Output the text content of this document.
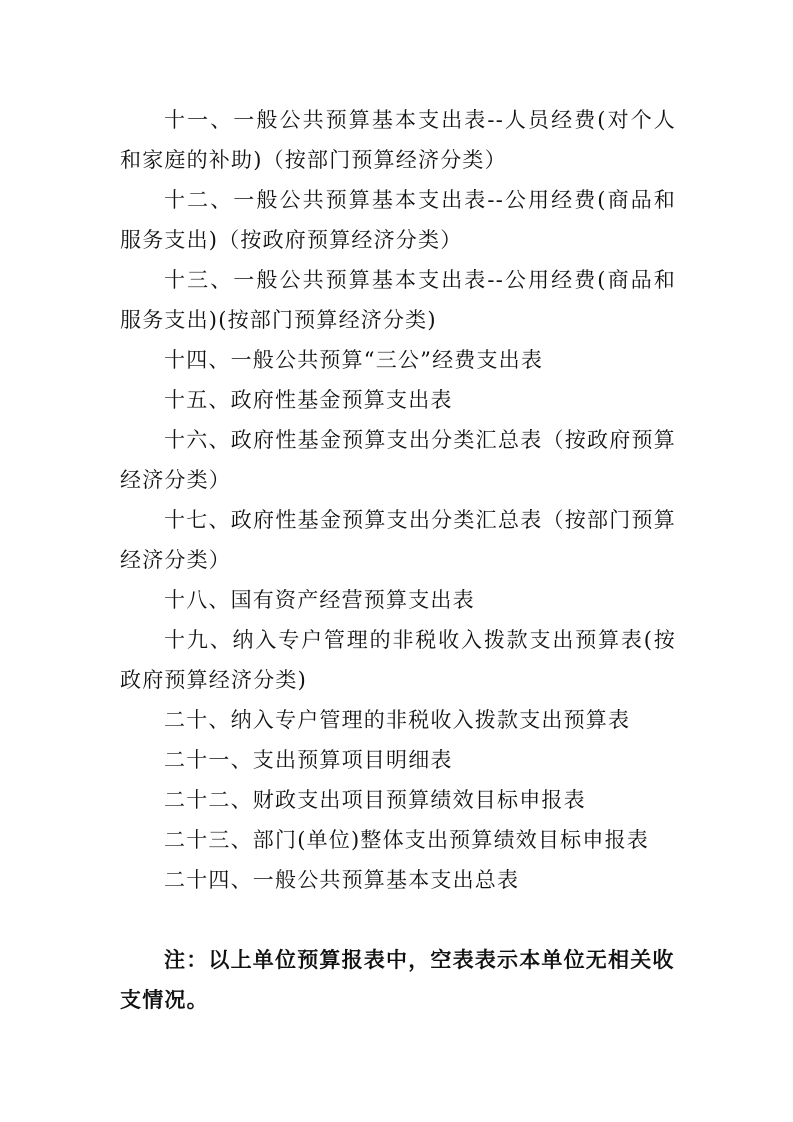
十一、一般公共预算基本支出表--人员经费(对个人和家庭的补助)（按部门预算经济分类）

十二、一般公共预算基本支出表--公用经费(商品和服务支出)（按政府预算经济分类）

十三、一般公共预算基本支出表--公用经费(商品和服务支出)(按部门预算经济分类)

十四、一般公共预算“三公”经费支出表

十五、政府性基金预算支出表

十六、政府性基金预算支出分类汇总表（按政府预算经济分类）

十七、政府性基金预算支出分类汇总表（按部门预算经济分类）

十八、国有资产经营预算支出表

十九、纳入专户管理的非税收入拨款支出预算表(按政府预算经济分类)

二十、纳入专户管理的非税收入拨款支出预算表

二十一、支出预算项目明细表

二十二、财政支出项目预算绩效目标申报表

二十三、部门(单位)整体支出预算绩效目标申报表

二十四、一般公共预算基本支出总表

注：以上单位预算报表中，空表表示本单位无相关收支情况。
